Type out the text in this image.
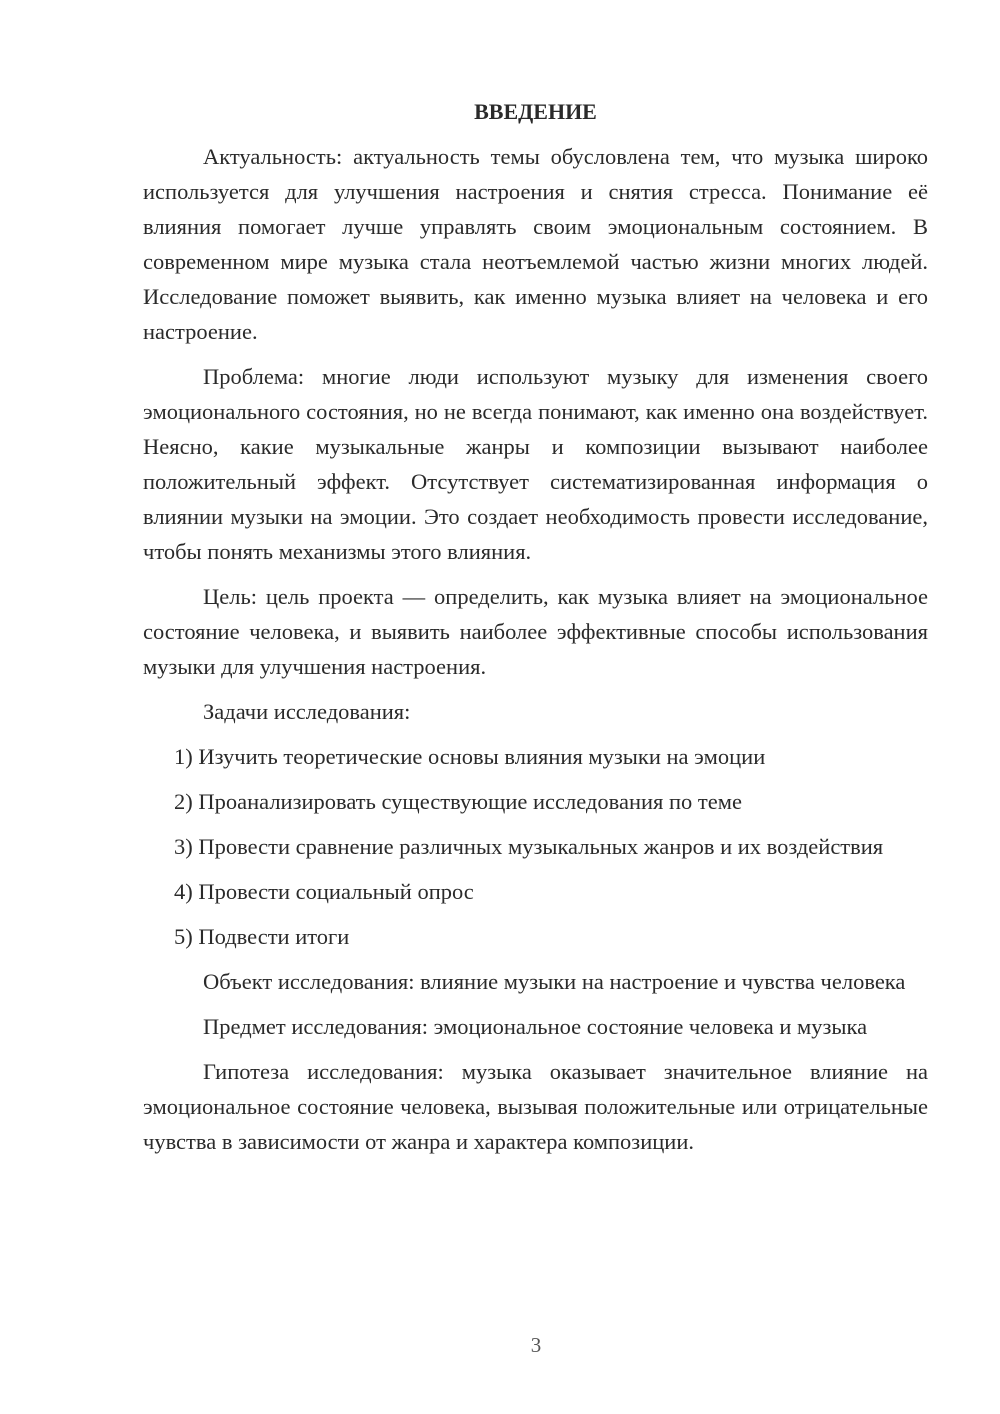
ВВЕДЕНИЕ

Актуальность: актуальность темы обусловлена тем, что музыка широко используется для улучшения настроения и снятия стресса. Понимание её влияния помогает лучше управлять своим эмоциональным состоянием. В современном мире музыка стала неотъемлемой частью жизни многих людей. Исследование поможет выявить, как именно музыка влияет на человека и его настроение.

Проблема: многие люди используют музыку для изменения своего эмоционального состояния, но не всегда понимают, как именно она воздействует. Неясно, какие музыкальные жанры и композиции вызывают наиболее положительный эффект. Отсутствует систематизированная информация о влиянии музыки на эмоции. Это создает необходимость провести исследование, чтобы понять механизмы этого влияния.

Цель: цель проекта — определить, как музыка влияет на эмоциональное состояние человека, и выявить наиболее эффективные способы использования музыки для улучшения настроения.

Задачи исследования:

1) Изучить теоретические основы влияния музыки на эмоции

2) Проанализировать существующие исследования по теме

3) Провести сравнение различных музыкальных жанров и их воздействия

4) Провести социальный опрос

5) Подвести итоги

Объект исследования: влияние музыки на настроение и чувства человека

Предмет исследования: эмоциональное состояние человека и музыка

Гипотеза исследования: музыка оказывает значительное влияние на эмоциональное состояние человека, вызывая положительные или отрицательные чувства в зависимости от жанра и характера композиции.

3
